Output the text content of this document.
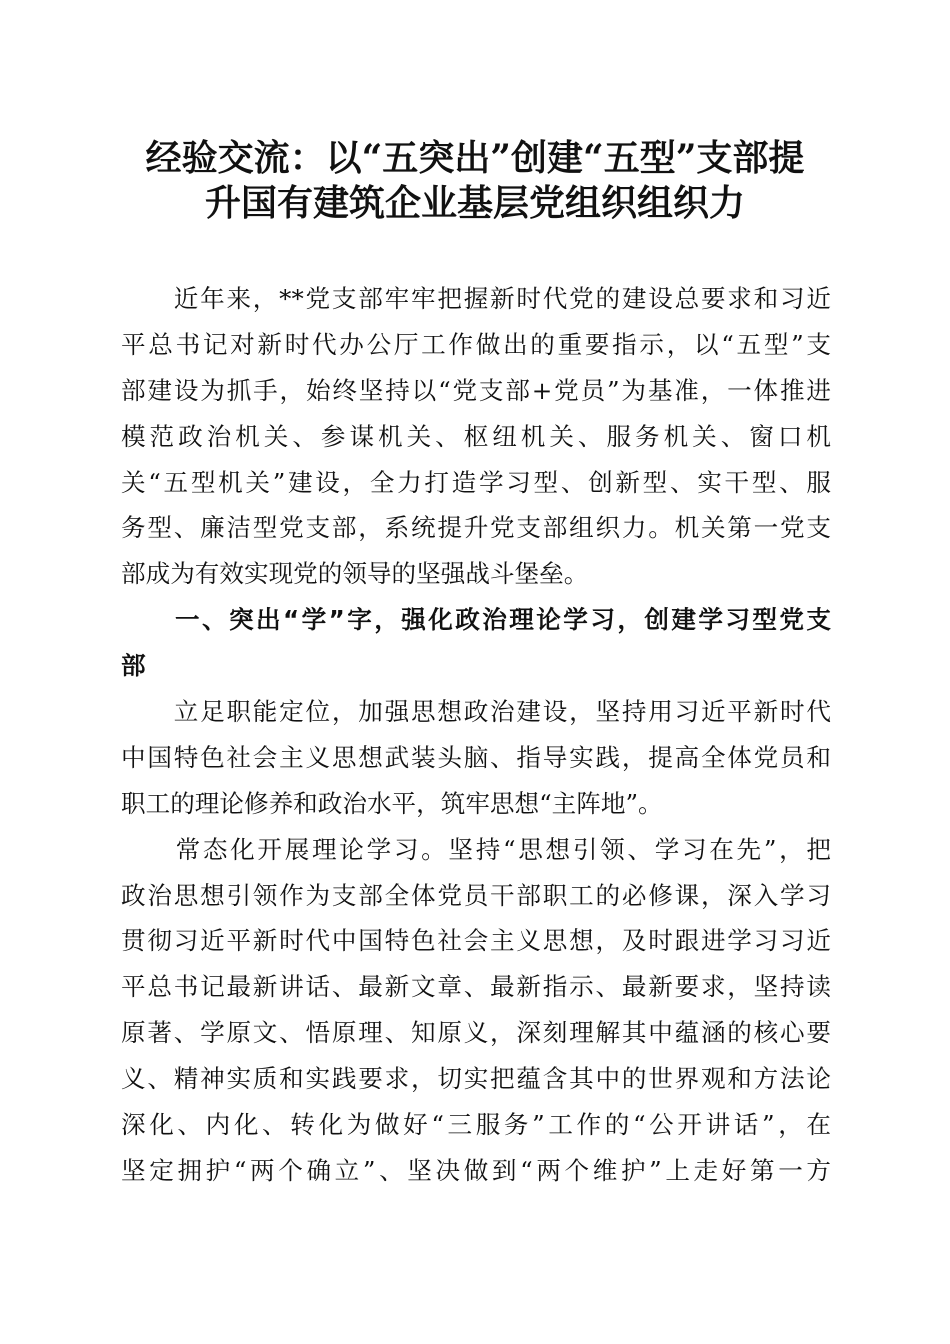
经验交流：以“五突出”创建“五型”支部提
升国有建筑企业基层党组织组织力
　　近年来，**党支部牢牢把握新时代党的建设总要求和习近
平总书记对新时代办公厅工作做出的重要指示，以“五型”支
部建设为抓手，始终坚持以“党支部+党员”为基准，一体推进
模范政治机关、参谋机关、枢纽机关、服务机关、窗口机
关“五型机关”建设，全力打造学习型、创新型、实干型、服
务型、廉洁型党支部，系统提升党支部组织力。机关第一党支
部成为有效实现党的领导的坚强战斗堡垒。
　　一、突出“学”字，强化政治理论学习，创建学习型党支
部
　　立足职能定位，加强思想政治建设，坚持用习近平新时代
中国特色社会主义思想武装头脑、指导实践，提高全体党员和
职工的理论修养和政治水平，筑牢思想“主阵地”。
　　常态化开展理论学习。坚持“思想引领、学习在先”，把
政治思想引领作为支部全体党员干部职工的必修课，深入学习
贯彻习近平新时代中国特色社会主义思想，及时跟进学习习近
平总书记最新讲话、最新文章、最新指示、最新要求，坚持读
原著、学原文、悟原理、知原义，深刻理解其中蕴涵的核心要
义、精神实质和实践要求，切实把蕴含其中的世界观和方法论
深化、内化、转化为做好“三服务”工作的“公开讲话”，在
坚定拥护“两个确立”、坚决做到“两个维护”上走好第一方
